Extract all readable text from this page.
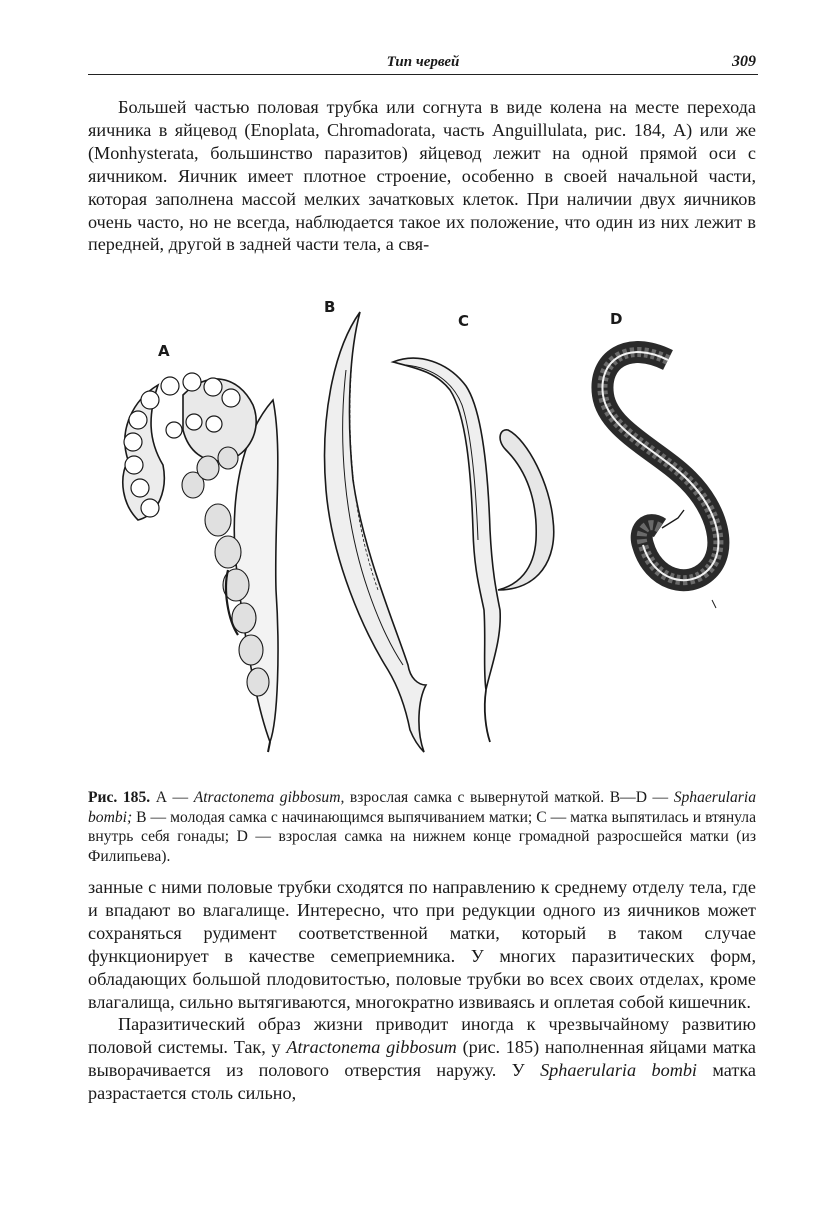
Тип червей	309

Большей частью половая трубка или согнута в виде колена на месте перехода яичника в яйцевод (Enoplata, Chromadorata, часть Anguillulata, рис. 184, А) или же (Monhysterata, большинство паразитов) яйцевод лежит на одной прямой оси с яичником. Яичник имеет плотное строение, особенно в своей начальной части, которая заполнена массой мелких зачатковых клеток. При наличии двух яичников очень часто, но не всегда, наблюдается такое их положение, что один из них лежит в передней, другой в задней части тела, а свя-

A
B
C	D
Рис. 185. А — Atractonema gibbosum, взрослая самка с вывернутой маткой. B—D — Sphaerularia bombi; B — молодая самка с начинающимся выпячиванием матки; C — матка выпятилась и втянула внутрь себя гонады; D — взрослая самка на нижнем конце громадной разросшейся матки (из Филипьева).

занные с ними половые трубки сходятся по направлению к среднему отделу тела, где и впадают во влагалище. Интересно, что при редукции одного из яичников может сохраняться рудимент соответственной матки, который в таком случае функционирует в качестве семеприемника. У многих паразитических форм, обладающих большой плодовитостью, половые трубки во всех своих отделах, кроме влагалища, сильно вытягиваются, многократно извиваясь и оплетая собой кишечник.

Паразитический образ жизни приводит иногда к чрезвычайному развитию половой системы. Так, у Atractonema gibbosum (рис. 185) наполненная яйцами матка выворачивается из полового отверстия наружу. У Sphaerularia bombi матка разрастается столь сильно,
